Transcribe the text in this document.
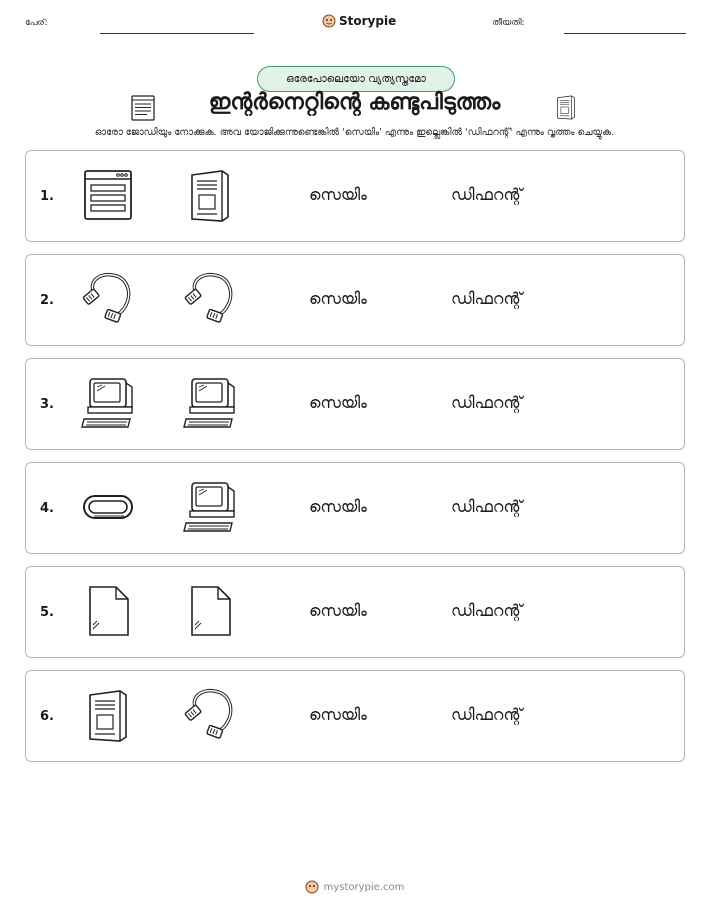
പേര്:	Storypie	തീയതി:
ഒരേപോലെയോ വ്യത്യസ്തമോ
ഇന്റർനെറ്റിന്റെ കണ്ടുപിടുത്തം
ഓരോ ജോഡിയും നോക്കുക. അവ യോജിക്കുന്നുണ്ടെങ്കിൽ 'സെയിം' എന്നും ഇല്ലെങ്കിൽ 'ഡിഫറന്റ്' എന്നും വൃത്തം ചെയ്യുക.
1.	സെയിം	ഡിഫറന്റ്
2.	സെയിം	ഡിഫറന്റ്
3.	സെയിം	ഡിഫറന്റ്
4.	സെയിം	ഡിഫറന്റ്
5.	സെയിം	ഡിഫറന്റ്
6.	സെയിം	ഡിഫറന്റ്
mystorypie.com
